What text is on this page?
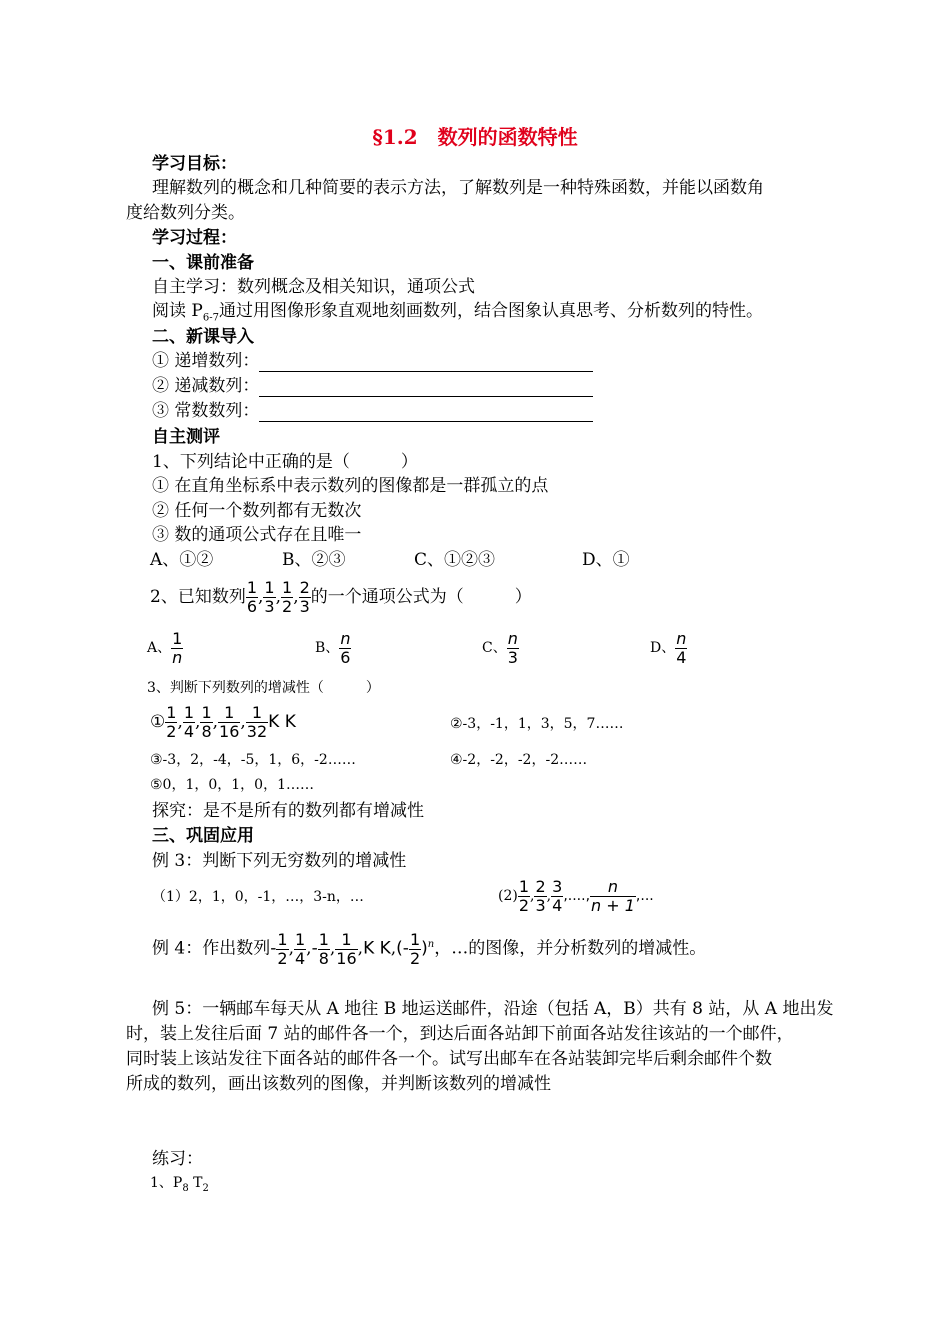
§1.2　数列的函数特性
学习目标：
理解数列的概念和几种简要的表示方法，了解数列是一种特殊函数，并能以函数角
度给数列分类。
学习过程：
一、课前准备
自主学习：数列概念及相关知识，通项公式
阅读 $P_{6-7}$通过用图像形象直观地刻画数列，结合图象认真思考、分析数列的特性。
二、新课导入
① 递增数列：
② 递减数列：
③ 常数数列：
自主测评
1、下列结论中正确的是（　　　）
① 在直角坐标系中表示数列的图像都是一群孤立的点
② 任何一个数列都有无数次
③ 数的通项公式存在且唯一
A、①②	B、②③	C、①②③	D、①
2、已知数列 $\frac{1}{6}$ , $\frac{1}{3}$ , $\frac{1}{2}$ , $\frac{2}{3}$ 的一个通项公式为（　　　）
A、 $\frac{1}{n}$	B、 $\frac{n}{6}$	C、 $\frac{n}{3}$	D、 $\frac{n}{4}$
3、判断下列数列的增减性（　　　）
① $\frac{1}{2}$ , $\frac{1}{4}$ , $\frac{1}{8}$ , $\frac{1}{16}$ , $\frac{1}{32}$ K K	②-3，-1，1，3，5，7……
③-3，2，-4，-5，1，6，-2……	④-2，-2，-2，-2……
⑤0，1，0，1，0，1……
探究：是不是所有的数列都有增减性
三、巩固应用
例 3：判断下列无穷数列的增减性
（1）2，1，0，-1，…，3-n，…	$(2) \frac{1}{2}$ , $\frac{2}{3}$ , $\frac{3}{4}$ ,...., $\frac{n}{n + 1}$ ,...
例 4：作出数列- $\frac{1}{2}$ , $\frac{1}{4}$ ,- $\frac{1}{8}$ , $\frac{1}{16} ,K$ $K,(- \frac{1}{2} )^n$，…的图像，并分析数列的增减性。
例 5：一辆邮车每天从 A 地往 B 地运送邮件，沿途（包括 A，B）共有 8 站，从 A 地出发
时，装上发往后面 7 站的邮件各一个，到达后面各站卸下前面各站发往该站的一个邮件，
同时装上该站发往下面各站的邮件各一个。试写出邮车在各站装卸完毕后剩余邮件个数
所成的数列，画出该数列的图像，并判断该数列的增减性
练习：
1、$P_8$ $T_2$
